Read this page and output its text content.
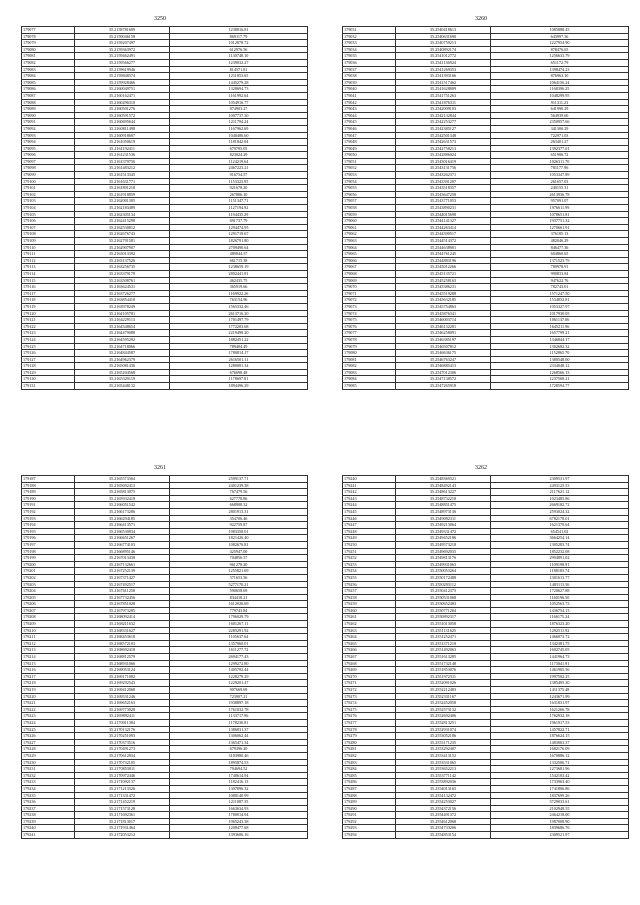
3250
179077	35.2158781609	1238816.81
179078	35.2159046158	869117.79
179079	35.2159207497	1012878.72
179080	35.2159363972	612976.56
179081	35.2159462491	1130748.10
179082	35.2159566277	1239032.27
179083	35.2159619946	814571.81
179084	35.2159848374	1211853.65
179085	35.2159928466	1445279.28
179086	35.2160049751	1328694.73
179087	35.2160162471	1161992.64
179088	35.2160296310	1054916.77
179089	35.2160501276	874903.27
179090	35.2160591572	1007737.30
179091	35.2160695644	1211794.24
179092	35.2160811498	1167962.69
179093	35.2160918697	1040486.60
179094	35.2161050619	1181842.04
179095	35.2161192411	679795.05
179096	35.2161231536	823024.29
179097	35.2161379756	1124219.64
179098	35.2161483212	2467223.21
179099	35.2161513345	916754.57
179100	35.2161631771	1153323.95
179101	35.2161801218	921678.20
179102	35.2161918859	267806.10
179103	35.2162001305	1151347.71
179104	35.2162183489	1127194.92
179105	35.2162305134	1194435.29
179106	35.2162415298	691737.79
179107	35.2162530812	1294474.95
179108	35.2162676743	1291719.67
179109	35.2162791581	1826791.80
179110	35.2162907907	2709490.64
179111	35.2163013392	489044.57
179112	35.2163137526	661715.38
179113	35.2163256735	1238659.19
179114	35.2163379179	2802441.81
179115	35.2163508761	462435.75
179116	35.2163624531	365919.66
179117	35.2163726277	1169922.26
179118	35.2163854418	763154.96
179119	35.2163978249	1565332.46
179120	35.2164105781	2613716.20
179121	35.2164229113	1701497.79
179122	35.2164348654	1772203.68
179123	35.2164479088	2219498.20
179124	35.2164595292	1882451.22
179125	35.2164718066	789404.49
179126	35.2164844587	1780814.17
179127	35.2164962379	2616501.11
179128	35.2165081436	1280081.34
179129	35.2165204568	676698.48
179130	35.2165329119	1178697.81
179131	35.2165448132	1894496.29
3260
179031	35.2540418613	1085888.45
179032	35.2540631690	643997.36
179033	35.2540759213	1227954.90
179034	35.2540892174	878476.65
179035	35.2541012772	1256633.79
179036	35.2541136924	651172.79
179037	35.2541269353	1398474.23
179038	35.2541393166	876963.10
179039	35.2541517462	1064156.24
179040	35.2541628809	1168396.25
179041	35.2541751263	1048299.95
179042	35.2541876311	911311.23
179043	35.2542009103	641990.29
179044	35.2542132844	564939.60
179045	35.2542253277	2350957.66
179046	35.2542385127	341306.29
179047	35.2542501348	722971.03
179048	35.2542631573	263401.27
179049	35.2542758213	1392377.01
179050	35.2542886024	651906.72
179051	35.2543016419	1026311.70
179052	35.2543131756	781177.96
179053	35.2543262371	1053347.89
179054	35.2543391207	261657.03
179055	35.2543518357	240155.31
179056	35.2543647258	2613936.78
179057	35.2543771053	957091.07
179058	35.2543890231	1976611.99
179059	35.2544015698	1078651.81
179060	35.2544141327	1937751.32
179061	35.2544263414	1270661.91
179062	35.2544390517	376185.13
179063	35.2544514372	482046.29
179064	35.2544638901	846477.36
179065	35.2544761245	604860.65
179066	35.2544883196	1371523.79
179067	35.2545012266	789978.91
179068	35.2545135721	990833.84
179069	35.2545258163	947622.76
179070	35.2545386231	782743.01
179071	35.2545519288	1571247.50
179072	35.2545632185	1534852.81
179073	35.2545754863	1053327.97
179074	35.2545876341	1017930.05
179075	35.2546003714	1061137.06
179076	35.2546132281	1645211.96
179077	35.2546258091	1657799.21
179078	35.2546385197	1346844.17
179079	35.2546507812	1302682.32
179080	35.2546636175	1152865.70
179081	35.2546763247	1380548.00
179082	35.2546885413	2334048.12
179083	35.2547012306	1268566.13
179084	35.2547138572	1237568.21
179085	35.2547265918	1728594.77
3261
179187	35.2165573364	2599137.71
179188	35.2165692413	2401239.38
179189	35.2165813075	767479.56
179190	35.2165932418	627778.86
179191	35.2166051542	668908.32
179192	35.2166173286	2801913.31
179193	35.2166294185	354706.46
179194	35.2166413571	922759.87
179195	35.2166530834	1983350.01
179196	35.2166651267	1821426.40
179197	35.2166774103	1082676.81
179198	35.2166895146	425947.00
179199	35.2167013438	704856.57
179200	35.2167132661	961278.20
179201	35.2167252139	1255821.69
179202	35.2167371427	371653.56
179203	35.2167492517	5277170.21
179204	35.2167611258	590658.69
179205	35.2167732456	834418.21
179206	35.2167851028	1612926.69
179207	35.2167973285	779743.84
179208	35.2168092414	1796029.79
179209	35.2168211632	1601267.11
179210	35.2168331627	2285291.92
179211	35.2168453618	1105637.64
179212	35.2168572103	1357960.01
179213	35.2168692418	1611277.72
179214	35.2168812579	2694177.43
179215	35.2168931066	1299272.80
179216	35.2169053124	1405792.44
179217	35.2169171082	1228279.29
179218	35.2169292543	1229201.47
179219	35.2169412068	907669.69
179220	35.2169531246	723907.21
179221	35.2169652163	1938897.18
179222	35.2169773028	1761032.78
179223	35.2169892411	1133717.96
179224	35.2170011384	1178230.81
179225	35.2170132176	1386831.37
179226	35.2170251093	1306062.44
179227	35.2170373516	1365471.34
179228	35.2170491273	679396.20
179229	35.2170612834	3103980.46
179230	35.2170732105	1895874.53
179231	35.2170853011	794694.52
179232	35.2170972446	1740614.94
179233	35.2171092137	1182416.13
179234	35.2171213326	1307896.32
179235	35.2171331472	1080140.99
179236	35.2171452219	1211087.35
179237	35.2171573128	1663634.93
179238	35.2171692361	1780014.94
179239	35.2171813017	1965243.38
179240	35.2171931464	1208477.68
179241	35.2172053212	1393606.16
3262
179240	35.2548369321	2309531.97
179241	35.2548492143	2493125.53
179242	35.2548613227	2117621.12
179243	35.2548732218	1023485.86
179244	35.2548851475	2669182.72
179245	35.2548973136	2593024.32
179246	35.2549092311	6782178.01
179247	35.2549213064	1621370.64
179248	35.2549331472	654541.02
179249	35.2549452186	3664254.14
179250	35.2549573218	1305283.74
179251	35.2549692035	1852232.08
179252	35.2549813176	2994891.02
179253	35.2549931063	1109198.91
179254	35.2550053264	1188183.74
179255	35.2550172488	1301613.77
179256	35.2550293112	1483113.56
179257	35.2550412375	1720627.88
179258	35.2550531068	1160196.50
179259	35.2550652483	1052563.73
179260	35.2550771204	1436754.13
179261	35.2550892317	1166175.24
179262	35.2551013058	1876323.20
179263	35.2551131625	1292511.92
179264	35.2551252471	1466073.72
179265	35.2551371218	1342381.75
179266	35.2551492063	1602745.05
179267	35.2551613285	1441964.73
179268	35.2551732148	1173041.91
179269	35.2551853076	1461905.56
179270	35.2551972311	1997502.25
179271	35.2552091026	1385495.30
179272	35.2552212483	1411375.48
179273	35.2552331167	1243671.99
179274	35.2552452058	1631831.97
179275	35.2552573132	1621266.78
179276	35.2552692406	1762932.18
179277	35.2552813251	1961917.53
179278	35.2552931074	1457822.71
179279	35.2553052186	1876624.15
179280	35.2553171235	1483063.37
179281	35.2553292407	1682176.09
179282	35.2553413152	1670886.12
179283	35.2553531065	1332506.71
179284	35.2553652213	1273681.96
179285	35.2553771142	1542103.42
179286	35.2553892036	1733963.40
179287	35.2554013165	1741806.86
179288	35.2554132472	1837699.26
179289	35.2554253027	3729033.61
179290	35.2554372156	2102948.55
179291	35.2554491372	2464218.00
179292	35.2554612068	1987008.90
179293	35.2554733206	1839686.76
179294	35.2554853154	2309521.97
